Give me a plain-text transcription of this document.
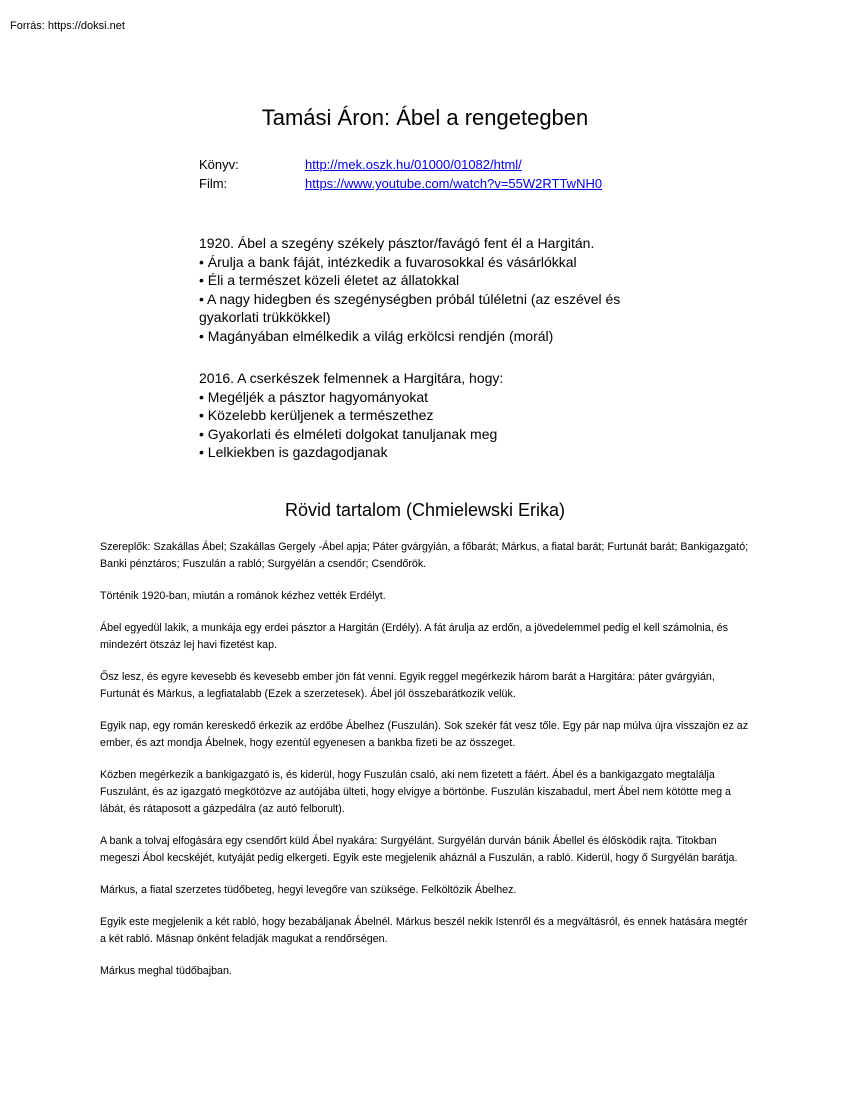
Forrás: https://doksi.net
Tamási Áron: Ábel a rengetegben
Könyv:	http://mek.oszk.hu/01000/01082/html/
Film:	https://www.youtube.com/watch?v=55W2RTTwNH0

1920. Ábel a szegény székely pásztor/favágó fent él a Hargitán.

• Árulja a bank fáját, intézkedik a fuvarosokkal és vásárlókkal

• Éli a természet közeli életet az állatokkal

• A nagy hidegben és szegénységben próbál túléletni (az eszével és gyakorlati trükkökkel)

• Magányában elmélkedik a világ erkölcsi rendjén (morál)

2016. A cserkészek felmennek a Hargitára, hogy:

• Megéljék a pásztor hagyományokat

• Közelebb kerüljenek a természethez

• Gyakorlati és elméleti dolgokat tanuljanak meg

• Lelkiekben is gazdagodjanak

Rövid tartalom (Chmielewski Erika)

Szereplők: Szakállas Ábel; Szakállas Gergely -Ábel apja; Páter gvárgyián, a főbarát; Márkus, a fiatal barát; Furtunát barát; Bankigazgató; Banki pénztáros; Fuszulán a rabló; Surgyélán a csendőr; Csendőrök.

Történik 1920-ban, miután a románok kézhez vették Erdélyt.

Ábel egyedül lakik, a munkája egy erdei pásztor a Hargitán (Erdély). A fát árulja az erdőn, a jövedelemmel pedig el kell számolnia, és mindezért ötszáz lej havi fizetést kap.

Ősz lesz, és egyre kevesebb és kevesebb ember jön fát venni. Egyik reggel megérkezik három barát a Hargitára: páter gvárgyián, Furtunát és Márkus, a legfiatalabb (Ezek a szerzetesek). Ábel jól összebarátkozik velük.

Egyik nap, egy román kereskedő érkezik az erdőbe Ábelhez (Fuszulán). Sok szekér fát vesz tőle. Egy pár nap múlva újra visszajön ez az ember, és azt mondja Ábelnek, hogy ezentúl egyenesen a bankba fizeti be az összeget.

Közben megérkezik a bankigazgató is, és kiderül, hogy Fuszulán csaló, aki nem fizetett a fáért. Ábel és a bankigazgato megtalálja Fuszulánt, és az igazgató megkötözve az autójába ülteti, hogy elvigye a börtönbe. Fuszulán kiszabadul, mert Ábel nem kötötte meg a lábát, és rátaposott a gázpedálra (az autó felborult).

A bank a tolvaj elfogására egy csendőrt küld Ábel nyakára: Surgyélánt. Surgyélán durván bánik Ábellel és élősködik rajta. Titokban megeszi Ábol kecskéjét, kutyáját pedig elkergeti. Egyik este megjelenik aháznál a Fuszulán, a rabló. Kiderül, hogy ő Surgyélán barátja.

Márkus, a fiatal szerzetes tüdőbeteg, hegyi levegőre van szüksége. Felköltözik Ábelhez.

Egyik este megjelenik a két rabló, hogy bezabáljanak Ábelnél. Márkus beszél nekik Istenről és a megváltásról, és ennek hatására megtér a két rabló. Másnap önként feladják magukat a rendőrségen.

Márkus meghal tüdőbajban.
